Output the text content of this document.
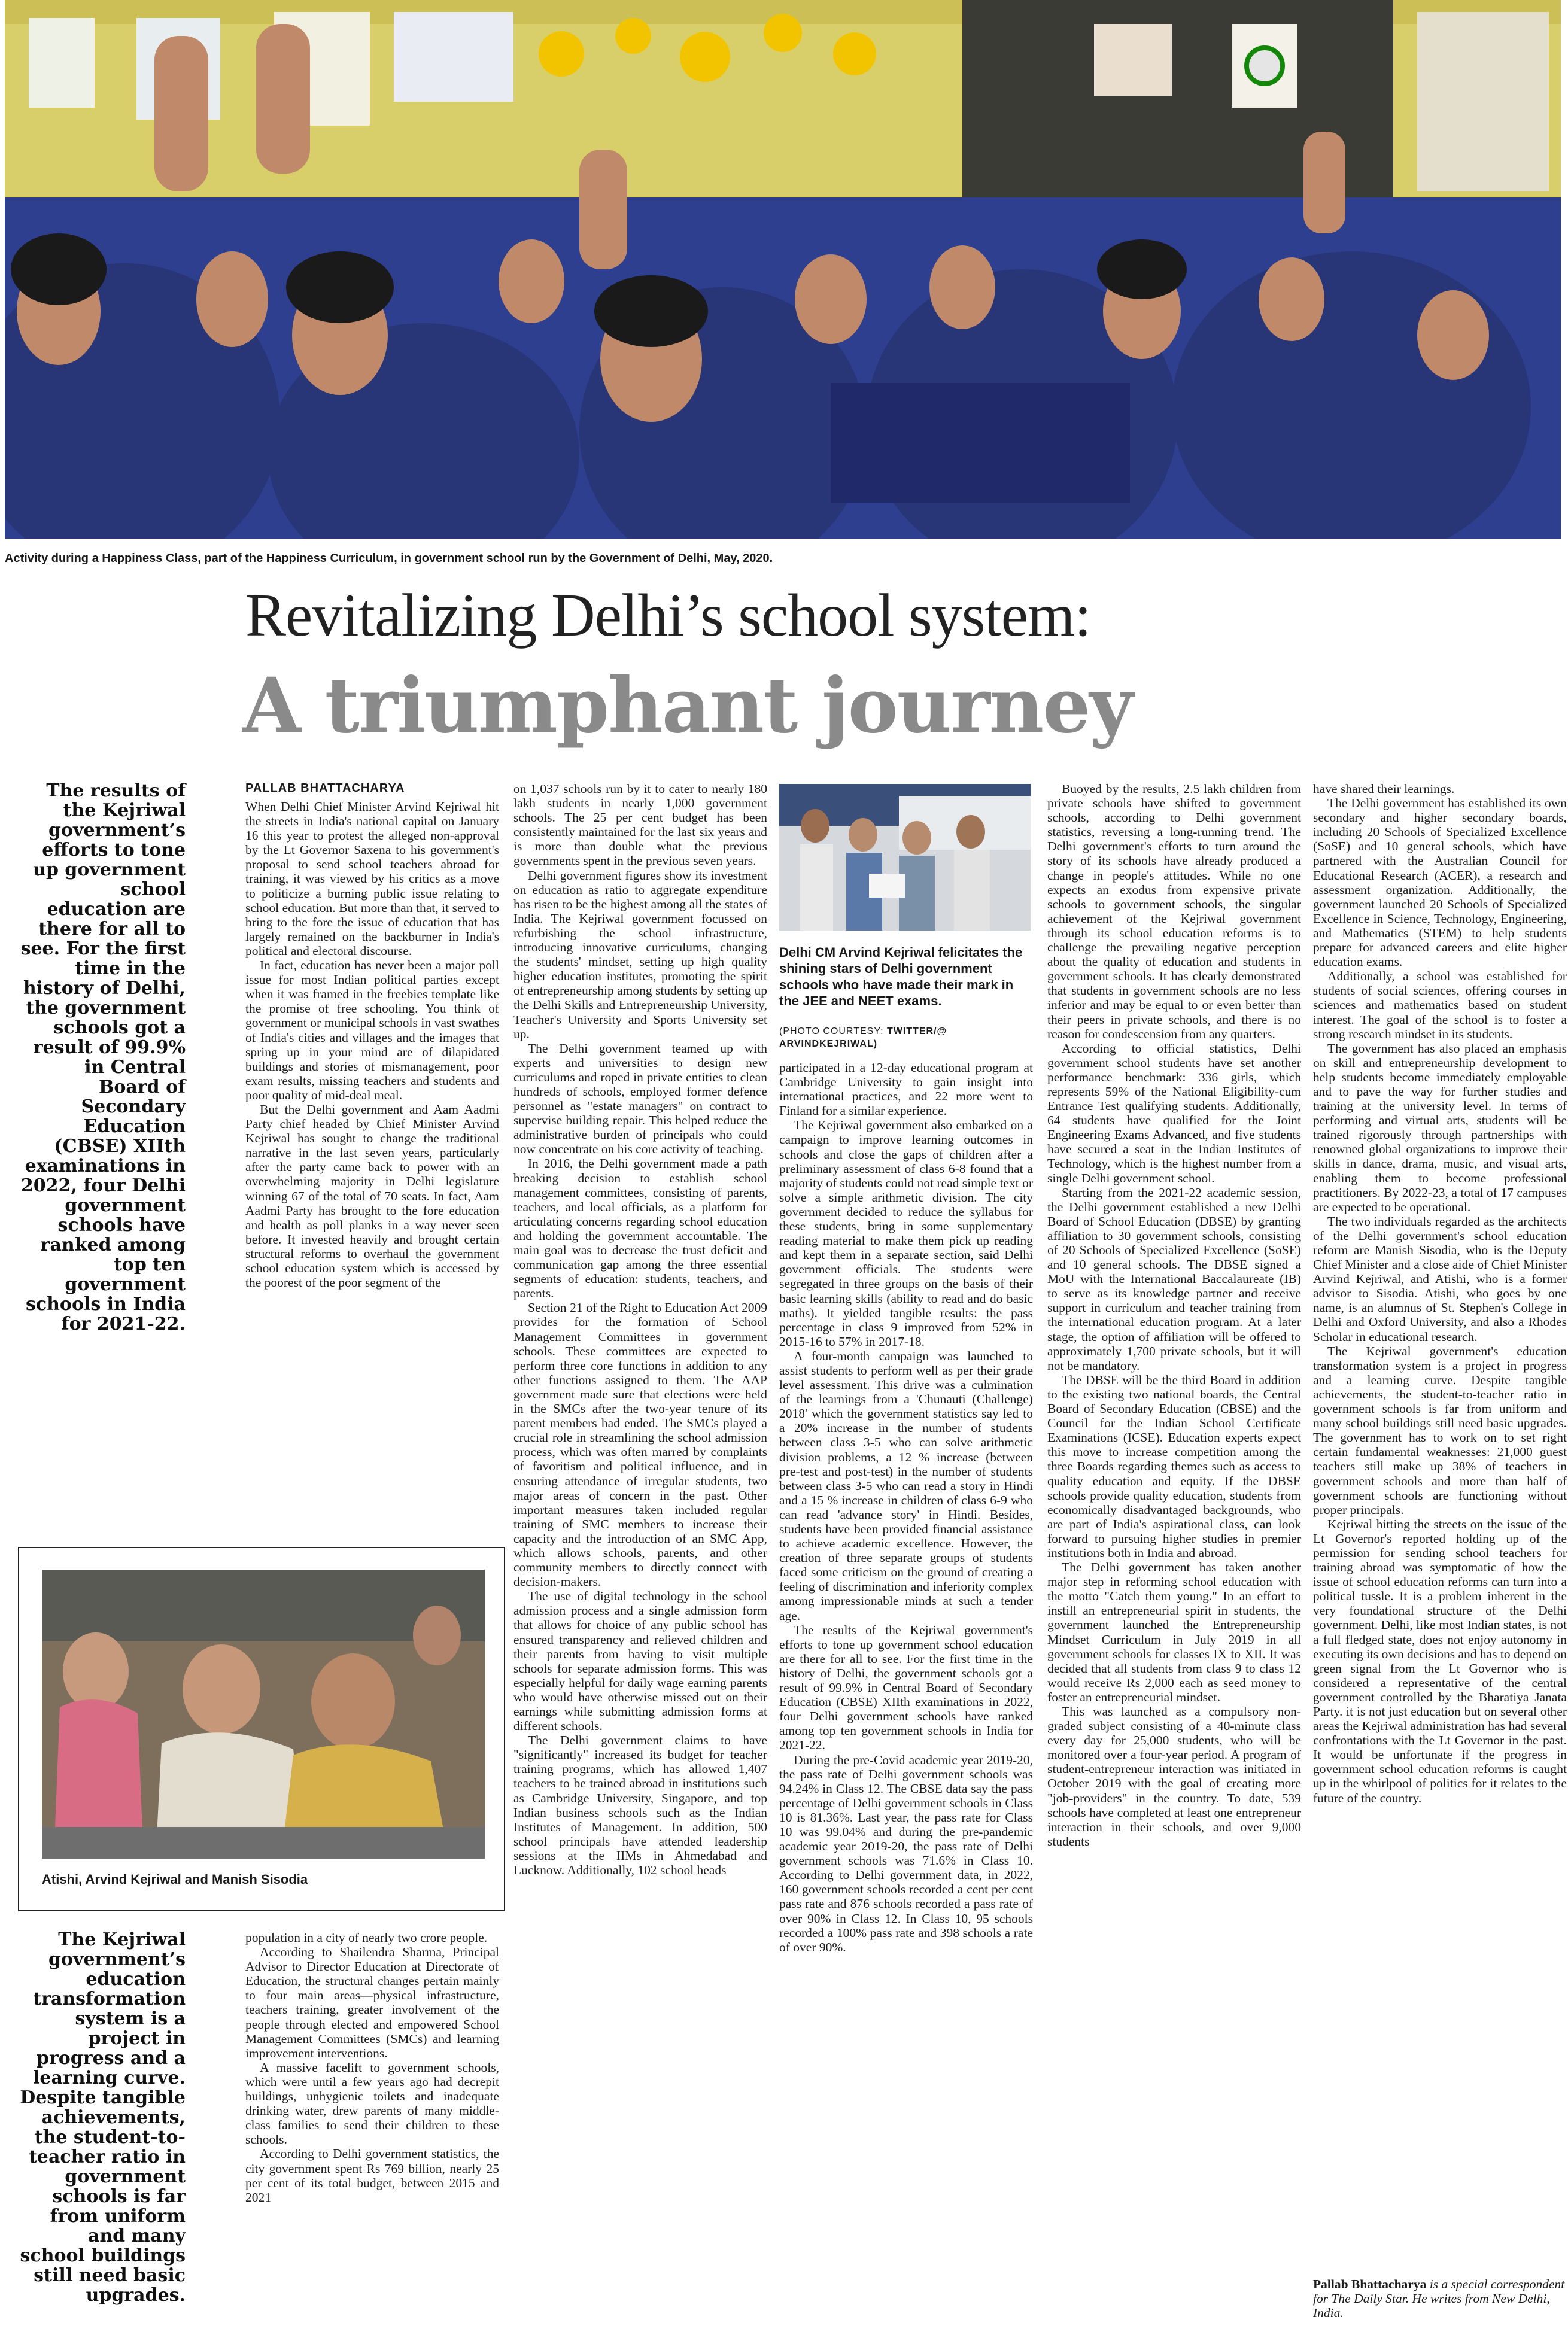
Activity during a Happiness Class, part of the Happiness Curriculum, in government school run by the Government of Delhi, May, 2020.
Revitalizing Delhi’s school system:
A triumphant journey
The results of the Kejriwal government’s efforts to tone up government school education are there for all to see. For the first time in the history of Delhi, the government schools got a result of 99.9% in Central Board of Secondary Education (CBSE) XIIth examinations in 2022, four Delhi government schools have ranked among top ten government schools in India for 2021-22.
The Kejriwal government’s education transformation system is a project in progress and a learning curve. Despite tangible achievements, the student-to-teacher ratio in government schools is far from uniform and many school buildings still need basic upgrades.
PALLAB BHATTACHARYA

When Delhi Chief Minister Arvind Kejriwal hit the streets in India's national capital on January 16 this year to protest the alleged non-approval by the Lt Governor Saxena to his government's proposal to send school teachers abroad for training, it was viewed by his critics as a move to politicize a burning public issue relating to school education. But more than that, it served to bring to the fore the issue of education that has largely remained on the backburner in India's political and electoral discourse.

In fact, education has never been a major poll issue for most Indian political parties except when it was framed in the freebies template like the promise of free schooling. You think of government or municipal schools in vast swathes of India's cities and villages and the images that spring up in your mind are of dilapidated buildings and stories of mismanagement, poor exam results, missing teachers and students and poor quality of mid-deal meal.

But the Delhi government and Aam Aadmi Party chief headed by Chief Minister Arvind Kejriwal has sought to change the traditional narrative in the last seven years, particularly after the party came back to power with an overwhelming majority in Delhi legislature winning 67 of the total of 70 seats. In fact, Aam Aadmi Party has brought to the fore education and health as poll planks in a way never seen before. It invested heavily and brought certain structural reforms to overhaul the government school education system which is accessed by the poorest of the poor segment of the

Atishi, Arvind Kejriwal and Manish Sisodia

population in a city of nearly two crore people.

According to Shailendra Sharma, Principal Advisor to Director Education at Directorate of Education, the structural changes pertain mainly to four main areas—physical infrastructure, teachers training, greater involvement of the people through elected and empowered School Management Committees (SMCs) and learning improvement interventions.

A massive facelift to government schools, which were until a few years ago had decrepit buildings, unhygienic toilets and inadequate drinking water, drew parents of many middle-class families to send their children to these schools.

According to Delhi government statistics, the city government spent Rs 769 billion, nearly 25 per cent of its total budget, between 2015 and 2021

on 1,037 schools run by it to cater to nearly 180 lakh students in nearly 1,000 government schools. The 25 per cent budget has been consistently maintained for the last six years and is more than double what the previous governments spent in the previous seven years.

Delhi government figures show its investment on education as ratio to aggregate expenditure has risen to be the highest among all the states of India. The Kejriwal government focussed on refurbishing the school infrastructure, introducing innovative curriculums, changing the students' mindset, setting up high quality higher education institutes, promoting the spirit of entrepreneurship among students by setting up the Delhi Skills and Entrepreneurship University, Teacher's University and Sports University set up.

The Delhi government teamed up with experts and universities to design new curriculums and roped in private entities to clean hundreds of schools, employed former defence personnel as "estate managers" on contract to supervise building repair. This helped reduce the administrative burden of principals who could now concentrate on his core activity of teaching.

In 2016, the Delhi government made a path breaking decision to establish school management committees, consisting of parents, teachers, and local officials, as a platform for articulating concerns regarding school education and holding the government accountable. The main goal was to decrease the trust deficit and communication gap among the three essential segments of education: students, teachers, and parents.

Section 21 of the Right to Education Act 2009 provides for the formation of School Management Committees in government schools. These committees are expected to perform three core functions in addition to any other functions assigned to them. The AAP government made sure that elections were held in the SMCs after the two-year tenure of its parent members had ended. The SMCs played a crucial role in streamlining the school admission process, which was often marred by complaints of favoritism and political influence, and in ensuring attendance of irregular students, two major areas of concern in the past. Other important measures taken included regular training of SMC members to increase their capacity and the introduction of an SMC App, which allows schools, parents, and other community members to directly connect with decision-makers.

The use of digital technology in the school admission process and a single admission form that allows for choice of any public school has ensured transparency and relieved children and their parents from having to visit multiple schools for separate admission forms. This was especially helpful for daily wage earning parents who would have otherwise missed out on their earnings while submitting admission forms at different schools.

The Delhi government claims to have "significantly" increased its budget for teacher training programs, which has allowed 1,407 teachers to be trained abroad in institutions such as Cambridge University, Singapore, and top Indian business schools such as the Indian Institutes of Management. In addition, 500 school principals have attended leadership sessions at the IIMs in Ahmedabad and Lucknow. Additionally, 102 school heads

Delhi CM Arvind Kejriwal felicitates the shining stars of Delhi government schools who have made their mark in the JEE and NEET exams.
(PHOTO COURTESY: TWITTER/@ ARVINDKEJRIWAL)

participated in a 12-day educational program at Cambridge University to gain insight into international practices, and 22 more went to Finland for a similar experience.

The Kejriwal government also embarked on a campaign to improve learning outcomes in schools and close the gaps of children after a preliminary assessment of class 6-8 found that a majority of students could not read simple text or solve a simple arithmetic division. The city government decided to reduce the syllabus for these students, bring in some supplementary reading material to make them pick up reading and kept them in a separate section, said Delhi government officials. The students were segregated in three groups on the basis of their basic learning skills (ability to read and do basic maths). It yielded tangible results: the pass percentage in class 9 improved from 52% in 2015-16 to 57% in 2017-18.

A four-month campaign was launched to assist students to perform well as per their grade level assessment. This drive was a culmination of the learnings from a 'Chunauti (Challenge) 2018' which the government statistics say led to a 20% increase in the number of students between class 3-5 who can solve arithmetic division problems, a 12 % increase (between pre-test and post-test) in the number of students between class 3-5 who can read a story in Hindi and a 15 % increase in children of class 6-9 who can read 'advance story' in Hindi. Besides, students have been provided financial assistance to achieve academic excellence. However, the creation of three separate groups of students faced some criticism on the ground of creating a feeling of discrimination and inferiority complex among impressionable minds at such a tender age.

The results of the Kejriwal government's efforts to tone up government school education are there for all to see. For the first time in the history of Delhi, the government schools got a result of 99.9% in Central Board of Secondary Education (CBSE) XIIth examinations in 2022, four Delhi government schools have ranked among top ten government schools in India for 2021-22.

During the pre-Covid academic year 2019-20, the pass rate of Delhi government schools was 94.24% in Class 12. The CBSE data say the pass percentage of Delhi government schools in Class 10 is 81.36%. Last year, the pass rate for Class 10 was 99.04% and during the pre-pandemic academic year 2019-20, the pass rate of Delhi government schools was 71.6% in Class 10. According to Delhi government data, in 2022, 160 government schools recorded a cent per cent pass rate and 876 schools recorded a pass rate of over 90% in Class 12. In Class 10, 95 schools recorded a 100% pass rate and 398 schools a rate of over 90%.

Buoyed by the results, 2.5 lakh children from private schools have shifted to government schools, according to Delhi government statistics, reversing a long-running trend. The Delhi government's efforts to turn around the story of its schools have already produced a change in people's attitudes. While no one expects an exodus from expensive private schools to government schools, the singular achievement of the Kejriwal government through its school education reforms is to challenge the prevailing negative perception about the quality of education and students in government schools. It has clearly demonstrated that students in government schools are no less inferior and may be equal to or even better than their peers in private schools, and there is no reason for condescension from any quarters.

According to official statistics, Delhi government school students have set another performance benchmark: 336 girls, which represents 59% of the National Eligibility-cum Entrance Test qualifying students. Additionally, 64 students have qualified for the Joint Engineering Exams Advanced, and five students have secured a seat in the Indian Institutes of Technology, which is the highest number from a single Delhi government school.

Starting from the 2021-22 academic session, the Delhi government established a new Delhi Board of School Education (DBSE) by granting affiliation to 30 government schools, consisting of 20 Schools of Specialized Excellence (SoSE) and 10 general schools. The DBSE signed a MoU with the International Baccalaureate (IB) to serve as its knowledge partner and receive support in curriculum and teacher training from the international education program. At a later stage, the option of affiliation will be offered to approximately 1,700 private schools, but it will not be mandatory.

The DBSE will be the third Board in addition to the existing two national boards, the Central Board of Secondary Education (CBSE) and the Council for the Indian School Certificate Examinations (ICSE). Education experts expect this move to increase competition among the three Boards regarding themes such as access to quality education and equity. If the DBSE schools provide quality education, students from economically disadvantaged backgrounds, who are part of India's aspirational class, can look forward to pursuing higher studies in premier institutions both in India and abroad.

The Delhi government has taken another major step in reforming school education with the motto "Catch them young." In an effort to instill an entrepreneurial spirit in students, the government launched the Entrepreneurship Mindset Curriculum in July 2019 in all government schools for classes IX to XII. It was decided that all students from class 9 to class 12 would receive Rs 2,000 each as seed money to foster an entrepreneurial mindset.

This was launched as a compulsory non-graded subject consisting of a 40-minute class every day for 25,000 students, who will be monitored over a four-year period. A program of student-entrepreneur interaction was initiated in October 2019 with the goal of creating more "job-providers" in the country. To date, 539 schools have completed at least one entrepreneur interaction in their schools, and over 9,000 students

have shared their learnings.

The Delhi government has established its own secondary and higher secondary boards, including 20 Schools of Specialized Excellence (SoSE) and 10 general schools, which have partnered with the Australian Council for Educational Research (ACER), a research and assessment organization. Additionally, the government launched 20 Schools of Specialized Excellence in Science, Technology, Engineering, and Mathematics (STEM) to help students prepare for advanced careers and elite higher education exams.

Additionally, a school was established for students of social sciences, offering courses in sciences and mathematics based on student interest. The goal of the school is to foster a strong research mindset in its students.

The government has also placed an emphasis on skill and entrepreneurship development to help students become immediately employable and to pave the way for further studies and training at the university level. In terms of performing and virtual arts, students will be trained rigorously through partnerships with renowned global organizations to improve their skills in dance, drama, music, and visual arts, enabling them to become professional practitioners. By 2022-23, a total of 17 campuses are expected to be operational.

The two individuals regarded as the architects of the Delhi government's school education reform are Manish Sisodia, who is the Deputy Chief Minister and a close aide of Chief Minister Arvind Kejriwal, and Atishi, who is a former advisor to Sisodia. Atishi, who goes by one name, is an alumnus of St. Stephen's College in Delhi and Oxford University, and also a Rhodes Scholar in educational research.

The Kejriwal government's education transformation system is a project in progress and a learning curve. Despite tangible achievements, the student-to-teacher ratio in government schools is far from uniform and many school buildings still need basic upgrades. The government has to work on to set right certain fundamental weaknesses: 21,000 guest teachers still make up 38% of teachers in government schools and more than half of government schools are functioning without proper principals.

Kejriwal hitting the streets on the issue of the Lt Governor's reported holding up of the permission for sending school teachers for training abroad was symptomatic of how the issue of school education reforms can turn into a political tussle. It is a problem inherent in the very foundational structure of the Delhi government. Delhi, like most Indian states, is not a full fledged state, does not enjoy autonomy in executing its own decisions and has to depend on green signal from the Lt Governor who is considered a representative of the central government controlled by the Bharatiya Janata Party. it is not just education but on several other areas the Kejriwal administration has had several confrontations with the Lt Governor in the past. It would be unfortunate if the progress in government school education reforms is caught up in the whirlpool of politics for it relates to the future of the country.

Pallab Bhattacharya is a special correspondent for The Daily Star. He writes from New Delhi, India.
